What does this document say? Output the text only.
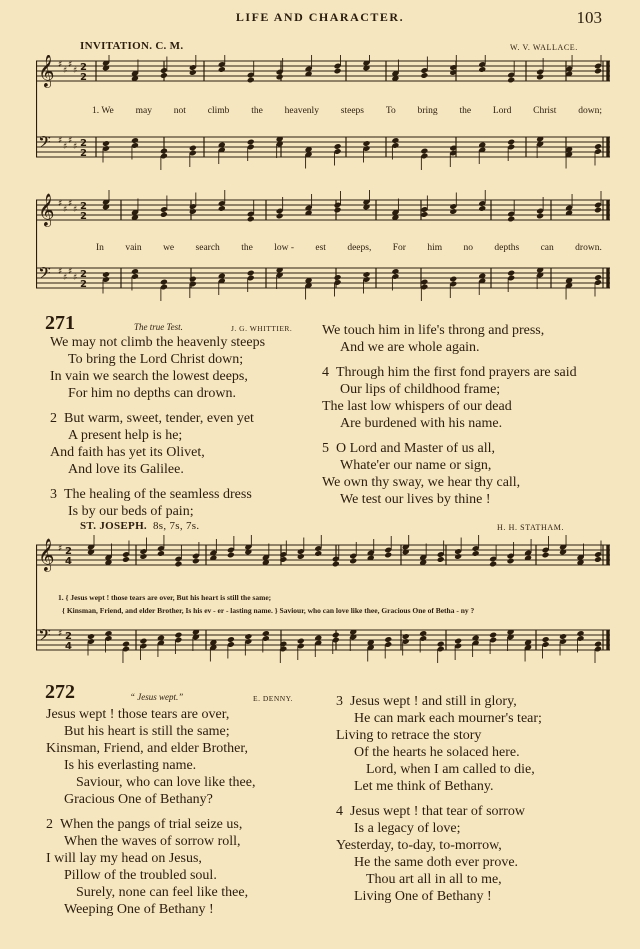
LIFE AND CHARACTER.	103
INVITATION. C. M.	W. V. WALLACE.
𝄞 ♯
♯
♯
♯ 2
2
𝄢 ♯
♯
♯
♯ 2
2
1. We may not climb the heavenly steeps To bring the Lord Christ down;
𝄞 ♯
♯
♯
♯ 2
2
𝄢 ♯
♯
♯
♯ 2
2
In vain we search the low - est deeps, For him no depths can drown.
271	The true Test.	J. G. WHITTIER.
We may not climb the heavenly steeps
To bring the Lord Christ down;
In vain we search the lowest deeps,
For him no depths can drown.
2 But warm, sweet, tender, even yet
A present help is he;
And faith has yet its Olivet,
And love its Galilee.
3 The healing of the seamless dress
Is by our beds of pain;
We touch him in life's throng and press,
And we are whole again.
4 Through him the first fond prayers are said
Our lips of childhood frame;
The last low whispers of our dead
Are burdened with his name.
5 O Lord and Master of us all,
Whate'er our name or sign,
We own thy sway, we hear thy call,
We test our lives by thine !
ST. JOSEPH. 8s, 7s, 7s.	H. H. STATHAM.
𝄞 ♯ 2
4
𝄢 ♯ 2
4
1. { Jesus wept ! those tears are over, But his heart is still the same;
{ Kinsman, Friend, and elder Brother, Is his ev - er - lasting name. } Saviour, who can love like thee, Gracious One of Betha - ny ?
272	“ Jesus wept.”	E. DENNY.
Jesus wept ! those tears are over,
But his heart is still the same;
Kinsman, Friend, and elder Brother,
Is his everlasting name.
Saviour, who can love like thee,
Gracious One of Bethany?
2 When the pangs of trial seize us,
When the waves of sorrow roll,
I will lay my head on Jesus,
Pillow of the troubled soul.
Surely, none can feel like thee,
Weeping One of Bethany !
3 Jesus wept ! and still in glory,
He can mark each mourner's tear;
Living to retrace the story
Of the hearts he solaced here.
Lord, when I am called to die,
Let me think of Bethany.
4 Jesus wept ! that tear of sorrow
Is a legacy of love;
Yesterday, to-day, to-morrow,
He the same doth ever prove.
Thou art all in all to me,
Living One of Bethany !
